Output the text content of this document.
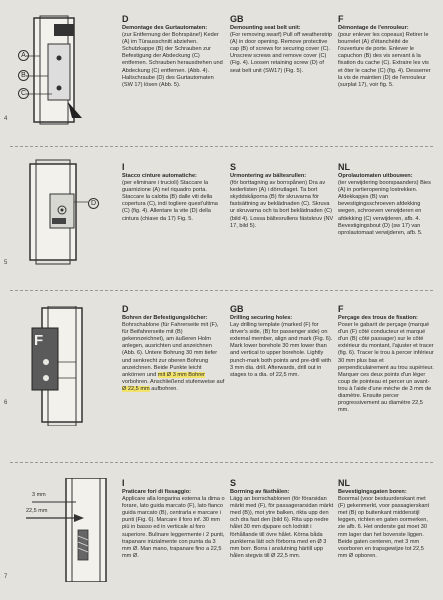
A
B
C
4
D
Demontage des Gurtautomaten:
(zur Entfernung der Bohrspäne!) Keder (A) im Türausschnitt abziehen. Schutzkappe (B) der Schrauben zur Befestigung der Abdeckung (C) entfernen. Schrauben herausdrehen und Abdeckung (C) entfernen. (Abb. 4). Haltschraube (D) des Gurtautomaten (SW 17) lösen (Abb. 5).
GB
Demounting seat belt unit:
(For removing swarf) Pull off weatherstrip (A) in door opening. Remove protective cap (B) of screws for securing cover (C). Unscrew screws and remove cover (C) (Fig. 4). Loosen retaining screw (D) of seat belt unit (SW17) (Fig. 5).
F
Démontage de l'enrouleur:
(pour enlever les copeaux) Retirer le bourrelet (A) d'étanchéité de l'ouverture de porte. Enlever le capuchon (B) des vis servant à la fixation du cache (C). Extraire les vis et ôter le cache (C) (fig. 4). Desserrer la vis de maintien (D) de l'enrouleur (surplat 17), voir fig. 5.
D
5
I
Stacco cinture automatiche:
(per eliminare i trucioli) Staccare la guarnizione (A) nel riquadro porta. Staccare la calotta (B) dalle viti della copertura (C), indi togliere quest'ultima (C) (fig. 4). Allentare la vite (D) della cintura (chiave da 17) Fig. 5.
S
Urmontering av bältesrullen:
(för borttagning av borrspånen) Dra av kederlisten (A) i dörrutlaget. Ta bort skyddskåporna (B) för skruvarna för fastsättning av beklädnaden (C). Skruva ur skruvarna och ta bort beklädnaden (C) (bild 4). Lossa bältesrullens fästskruv (NV 17, bild 5).
NL
Oprolautomaten uitbouwen:
(ter verwijdering boorspaanders) Bies (A) in portieropening lostrekken. Afdekkapjes (B) van bevestigingsschroeven afdekking wegen, schroeven verwijderen en afdekking (C) verwijderen, afb. 4. Bevestigingsbout (D) (sw 17) van oprolautomaat verwijderen, afb. 5.
F
6
D
Bohren der Befestigungslöcher:
Bohrschablone (für Fahrerseite mit (F), für Beifahrerseite mit (B) gekennzeichnet), am äußeren Holm anlegen, ausrichten und anzeichnen (Abb. 6). Untere Bohrung 30 mm tiefer und senkrecht zur oberen Bohrung anzeichnen. Beide Punkte leicht ankörnen und mit Ø 3 mm Bohrer vorbohren. Anschließend stufenweise auf Ø 22,5 mm aufbohren.
GB
Drilling securing holes:
Lay drilling template (marked (F) for driver's side, (B) for passenger side) on external member, align and mark (Fig. 6). Mark lower borehole 30 mm lower than and vertical to upper borehole. Lightly punch-mark both points and pre-drill with 3 mm dia. drill. Afterwards, drill out in stages to a dia. of 22,5 mm.
F
Perçage des trous de fixation:
Poser le gabarit de perçage (marqué d'un (F) côté conducteur et marqué d'un (B) côté passager) sur le côté extérieur du montant, l'ajuster et tracer (fig. 6). Tracer le trou à percer inférieur 30 mm plus bas et perpendiculairement au trou supérieur. Marquer ces deux points d'un léger coup de pointeau et percer un avant-trou à l'aide d'une mèche de 3 mm de diamètre. Ensuite percer progressivement au diamètre 22,5 mm.
3 mm
22,5 mm
7
I
Praticare fori di fissaggio:
Applicare alla longarina esterna la dima o forare, lato guida marcato (F), lato fianco guida marcato (B), centrarla e marcare i punti (Fig. 6). Marcare il foro inf. 30 mm più in basso ed in verticale al foro superiore. Bulinare leggermente i 2 punti, trapanare inizialmente con punta da 3 mm Ø. Man mano, trapanare fino a 22,5 mm Ø.
S
Borrning av fästhålen:
Lägg an borrschablonen (för förarsidan märkt med (F), för passagerarsidan märkt med (B)), mot ytre balken, rikta upp den och dra fast den (bild 6). Rita upp nedre hålet 30 mm djupare och lodrätt i förhållande till övre hålet. Körna båda punkterna lätt och förborra med en Ø 3 mm borr. Borra i anslutning härtill upp hålen stegvis till Ø 22,5 mm.
NL
Bevestigingsgaten boren:
Boormal (voor bestuurderskant met (F) gekenmerkt, voor passagierskant met (B) op buitenkant middenstijl leggen, richten en gaten oormerken, zie afb. 6. Het onderste gat moet 30 mm lager dan het bovenste liggen. Beide gaten centeren, met 3 mm voorboren en trapsgewijze tot 22,5 mm Ø opboren.
